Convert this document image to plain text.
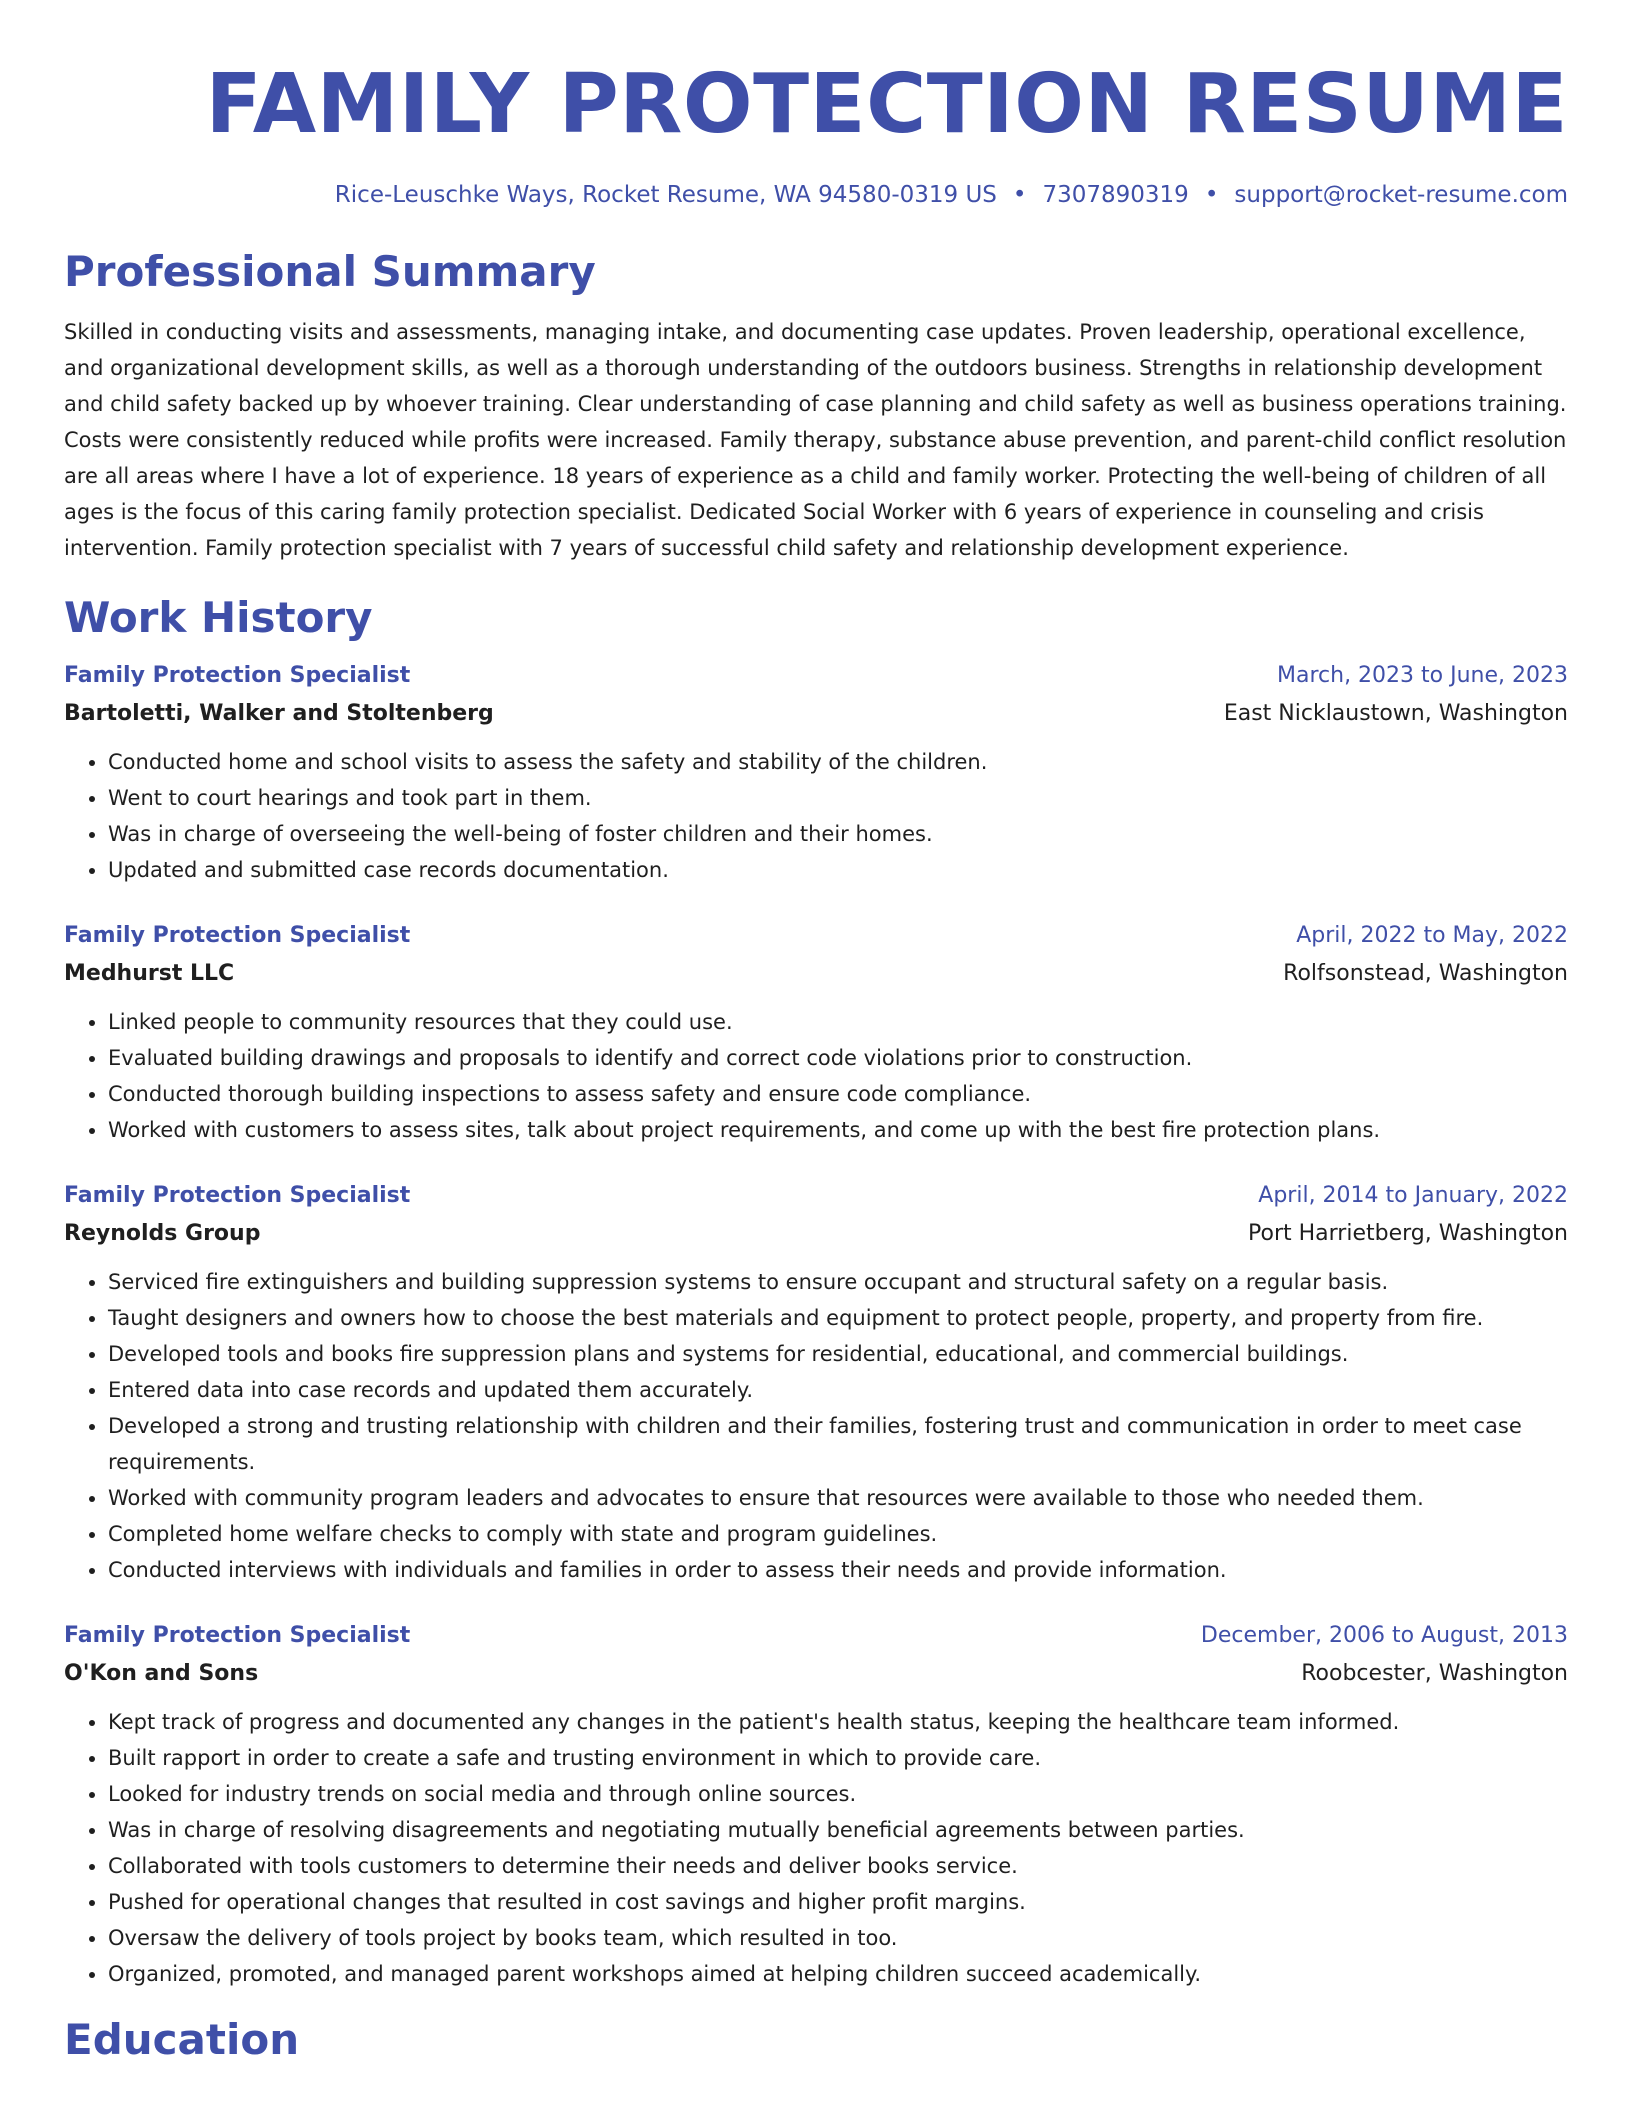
FAMILY PROTECTION RESUME
Rice-Leuschke Ways, Rocket Resume, WA 94580-0319 US • 7307890319 • support@rocket-resume.com
Professional Summary
Skilled in conducting visits and assessments, managing intake, and documenting case updates. Proven leadership, operational excellence, and organizational development skills, as well as a thorough understanding of the outdoors business. Strengths in relationship development and child safety backed up by whoever training. Clear understanding of case planning and child safety as well as business operations training. Costs were consistently reduced while profits were increased. Family therapy, substance abuse prevention, and parent-child conflict resolution are all areas where I have a lot of experience. 18 years of experience as a child and family worker. Protecting the well-being of children of all ages is the focus of this caring family protection specialist. Dedicated Social Worker with 6 years of experience in counseling and crisis intervention. Family protection specialist with 7 years of successful child safety and relationship development experience.
Work History
Family Protection Specialist	March, 2023 to June, 2023
Bartoletti, Walker and Stoltenberg	East Nicklaustown, Washington
• Conducted home and school visits to assess the safety and stability of the children.
• Went to court hearings and took part in them.
• Was in charge of overseeing the well-being of foster children and their homes.
• Updated and submitted case records documentation.
Family Protection Specialist	April, 2022 to May, 2022
Medhurst LLC	Rolfsonstead, Washington
• Linked people to community resources that they could use.
• Evaluated building drawings and proposals to identify and correct code violations prior to construction.
• Conducted thorough building inspections to assess safety and ensure code compliance.
• Worked with customers to assess sites, talk about project requirements, and come up with the best fire protection plans.
Family Protection Specialist	April, 2014 to January, 2022
Reynolds Group	Port Harrietberg, Washington
• Serviced fire extinguishers and building suppression systems to ensure occupant and structural safety on a regular basis.
• Taught designers and owners how to choose the best materials and equipment to protect people, property, and property from fire.
• Developed tools and books fire suppression plans and systems for residential, educational, and commercial buildings.
• Entered data into case records and updated them accurately.
• Developed a strong and trusting relationship with children and their families, fostering trust and communication in order to meet case requirements.
• Worked with community program leaders and advocates to ensure that resources were available to those who needed them.
• Completed home welfare checks to comply with state and program guidelines.
• Conducted interviews with individuals and families in order to assess their needs and provide information.
Family Protection Specialist	December, 2006 to August, 2013
O'Kon and Sons	Roobcester, Washington
• Kept track of progress and documented any changes in the patient's health status, keeping the healthcare team informed.
• Built rapport in order to create a safe and trusting environment in which to provide care.
• Looked for industry trends on social media and through online sources.
• Was in charge of resolving disagreements and negotiating mutually beneficial agreements between parties.
• Collaborated with tools customers to determine their needs and deliver books service.
• Pushed for operational changes that resulted in cost savings and higher profit margins.
• Oversaw the delivery of tools project by books team, which resulted in too.
• Organized, promoted, and managed parent workshops aimed at helping children succeed academically.
Education
